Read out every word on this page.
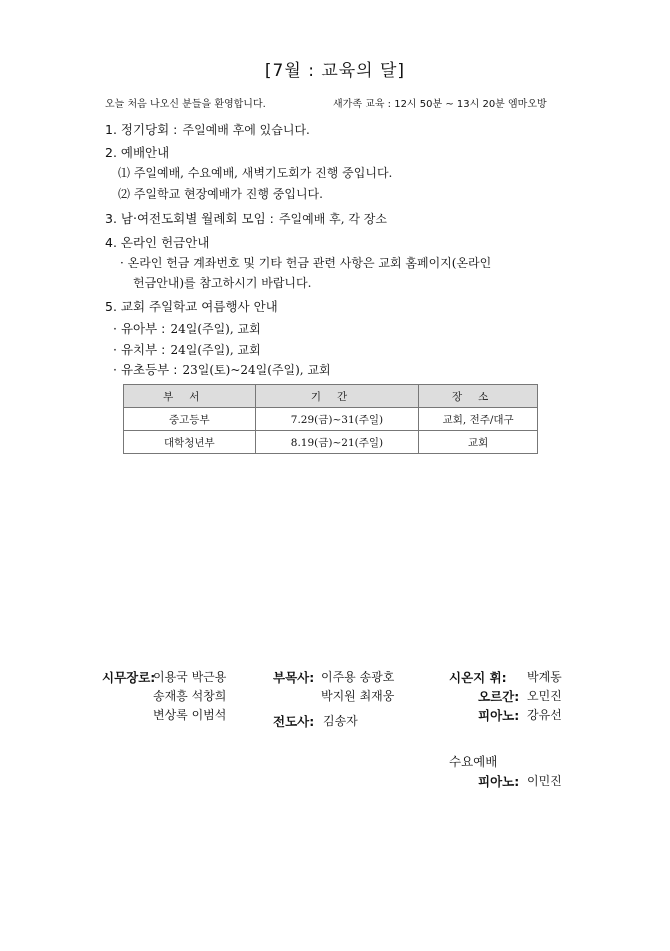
[7월 : 교육의 달]
오늘 처음 나오신 분들을 환영합니다.	새가족 교육 : 12시 50분 ~ 13시 20분 엠마오방
1. 정기당회 : 주일예배 후에 있습니다.
2. 예배안내
⑴ 주일예배, 수요예배, 새벽기도회가 진행 중입니다.
⑵ 주일학교 현장예배가 진행 중입니다.
3. 남‧여전도회별 월례회 모임 : 주일예배 후, 각 장소
4. 온라인 헌금안내
· 온라인 헌금 계좌번호 및 기타 헌금 관련 사항은 교회 홈페이지(온라인
헌금안내)를 참고하시기 바랍니다.
5. 교회 주일학교 여름행사 안내
· 유아부 : 24일(주일), 교회
· 유치부 : 24일(주일), 교회
· 유초등부 : 23일(토)~24일(주일), 교회
부서	기간	장소
중고등부	7.29(금)~31(주일)	교회, 전주/대구
대학청년부	8.19(금)~21(주일)	교회
시무장로:
이용국 박근용
송재흥 석창희
변상록 이범석
부목사: 이주용 송광호
박지원 최재웅
전도사: 김송자
시온지 휘: 박계동
오르간: 오민진
피아노: 강유선
수요예배
피아노: 이민진
